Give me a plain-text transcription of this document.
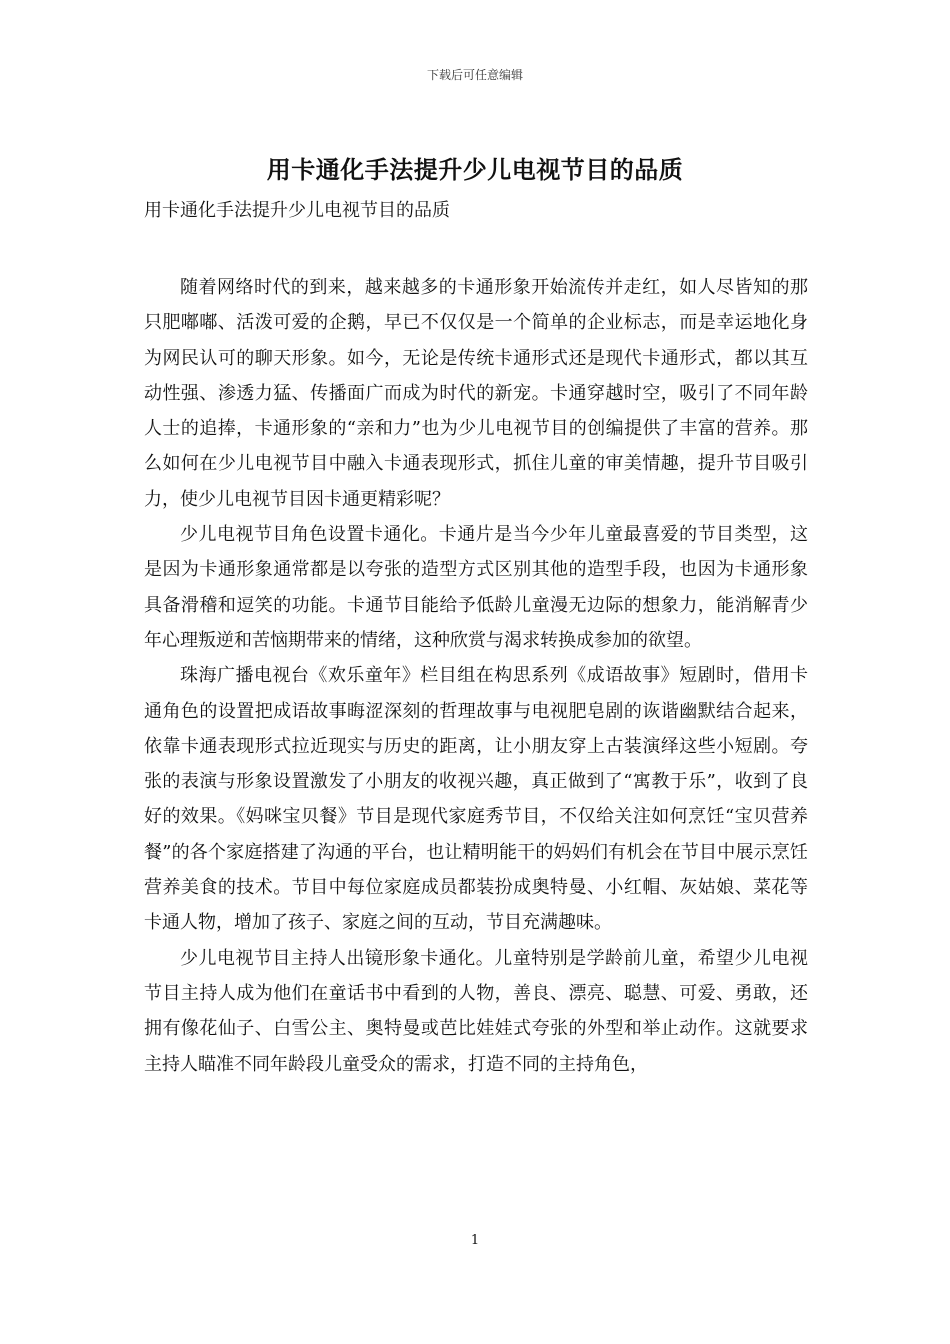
下载后可任意编辑
用卡通化手法提升少儿电视节目的品质
用卡通化手法提升少儿电视节目的品质

随着网络时代的到来，越来越多的卡通形象开始流传并走红，如人尽皆知的那只肥嘟嘟、活泼可爱的企鹅，早已不仅仅是一个简单的企业标志，而是幸运地化身为网民认可的聊天形象。如今，无论是传统卡通形式还是现代卡通形式，都以其互动性强、渗透力猛、传播面广而成为时代的新宠。卡通穿越时空，吸引了不同年龄人士的追捧，卡通形象的“亲和力”也为少儿电视节目的创编提供了丰富的营养。那么如何在少儿电视节目中融入卡通表现形式，抓住儿童的审美情趣，提升节目吸引力，使少儿电视节目因卡通更精彩呢？

少儿电视节目角色设置卡通化。卡通片是当今少年儿童最喜爱的节目类型，这是因为卡通形象通常都是以夸张的造型方式区别其他的造型手段，也因为卡通形象具备滑稽和逗笑的功能。卡通节目能给予低龄儿童漫无边际的想象力，能消解青少年心理叛逆和苦恼期带来的情绪，这种欣赏与渴求转换成参加的欲望。

珠海广播电视台《欢乐童年》栏目组在构思系列《成语故事》短剧时，借用卡通角色的设置把成语故事晦涩深刻的哲理故事与电视肥皂剧的诙谐幽默结合起来，依靠卡通表现形式拉近现实与历史的距离，让小朋友穿上古装演绎这些小短剧。夸张的表演与形象设置激发了小朋友的收视兴趣，真正做到了“寓教于乐”，收到了良好的效果。《妈咪宝贝餐》节目是现代家庭秀节目，不仅给关注如何烹饪“宝贝营养餐”的各个家庭搭建了沟通的平台，也让精明能干的妈妈们有机会在节目中展示烹饪营养美食的技术。节目中每位家庭成员都装扮成奥特曼、小红帽、灰姑娘、菜花等卡通人物，增加了孩子、家庭之间的互动，节目充满趣味。

少儿电视节目主持人出镜形象卡通化。儿童特别是学龄前儿童，希望少儿电视节目主持人成为他们在童话书中看到的人物，善良、漂亮、聪慧、可爱、勇敢，还拥有像花仙子、白雪公主、奥特曼或芭比娃娃式夸张的外型和举止动作。这就要求主持人瞄准不同年龄段儿童受众的需求，打造不同的主持角色，

1
